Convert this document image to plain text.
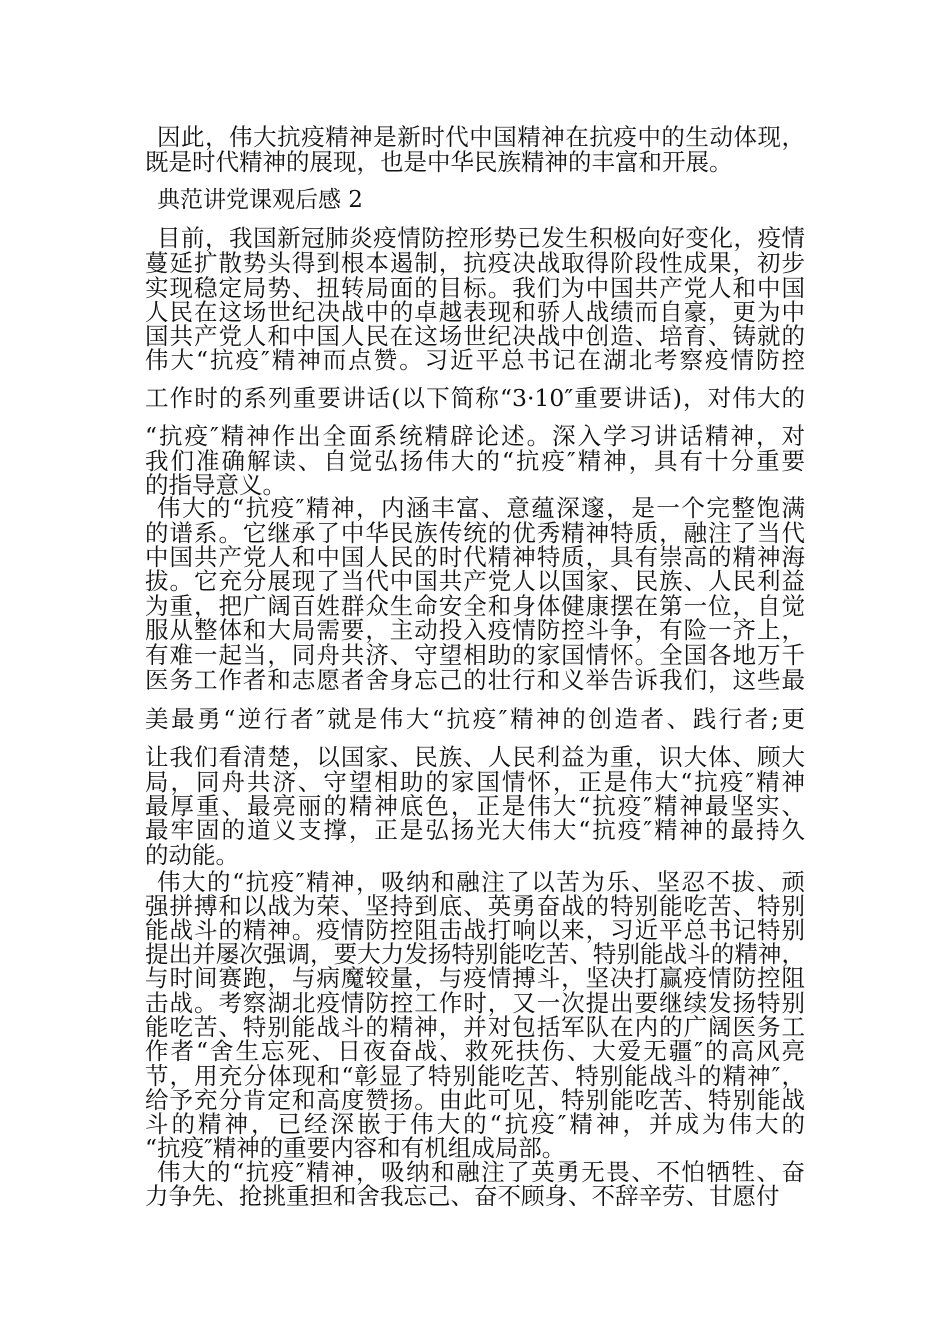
因此，伟大抗疫精神是新时代中国精神在抗疫中的生动体现，
既是时代精神的展现，也是中华民族精神的丰富和开展。
典范讲党课观后感 2
目前，我国新冠肺炎疫情防控形势已发生积极向好变化，疫情
蔓延扩散势头得到根本遏制，抗疫决战取得阶段性成果，初步
实现稳定局势、扭转局面的目标。我们为中国共产党人和中国
人民在这场世纪决战中的卓越表现和骄人战绩而自豪，更为中
国共产党人和中国人民在这场世纪决战中创造、培育、铸就的
伟大“抗疫″精神而点赞。习近平总书记在湖北考察疫情防控
工作时的系列重要讲话(以下简称“3·10″重要讲话)，对伟大的
“抗疫″精神作出全面系统精辟论述。深入学习讲话精神，对
我们准确解读、自觉弘扬伟大的“抗疫″精神，具有十分重要
的指导意义。
伟大的“抗疫″精神，内涵丰富、意蕴深邃，是一个完整饱满
的谱系。它继承了中华民族传统的优秀精神特质，融注了当代
中国共产党人和中国人民的时代精神特质，具有崇高的精神海
拔。它充分展现了当代中国共产党人以国家、民族、人民利益
为重，把广阔百姓群众生命安全和身体健康摆在第一位，自觉
服从整体和大局需要，主动投入疫情防控斗争，有险一齐上，
有难一起当，同舟共济、守望相助的家国情怀。全国各地万千
医务工作者和志愿者舍身忘己的壮行和义举告诉我们，这些最
美最勇“逆行者″就是伟大“抗疫″精神的创造者、践行者;更
让我们看清楚，以国家、民族、人民利益为重，识大体、顾大
局，同舟共济、守望相助的家国情怀，正是伟大“抗疫″精神
最厚重、最亮丽的精神底色，正是伟大“抗疫″精神最坚实、
最牢固的道义支撑，正是弘扬光大伟大“抗疫″精神的最持久
的动能。
伟大的“抗疫″精神，吸纳和融注了以苦为乐、坚忍不拔、顽
强拼搏和以战为荣、坚持到底、英勇奋战的特别能吃苦、特别
能战斗的精神。疫情防控阻击战打响以来，习近平总书记特别
提出并屡次强调，要大力发扬特别能吃苦、特别能战斗的精神，
与时间赛跑，与病魔较量，与疫情搏斗，坚决打赢疫情防控阻
击战。考察湖北疫情防控工作时，又一次提出要继续发扬特别
能吃苦、特别能战斗的精神，并对包括军队在内的广阔医务工
作者“舍生忘死、日夜奋战、救死扶伤、大爱无疆″的高风亮
节，用充分体现和“彰显了特别能吃苦、特别能战斗的精神″，
给予充分肯定和高度赞扬。由此可见，特别能吃苦、特别能战
斗的精神，已经深嵌于伟大的“抗疫″精神，并成为伟大的
“抗疫″精神的重要内容和有机组成局部。
伟大的“抗疫″精神，吸纳和融注了英勇无畏、不怕牺牲、奋
力争先、抢挑重担和舍我忘己、奋不顾身、不辞辛劳、甘愿付
